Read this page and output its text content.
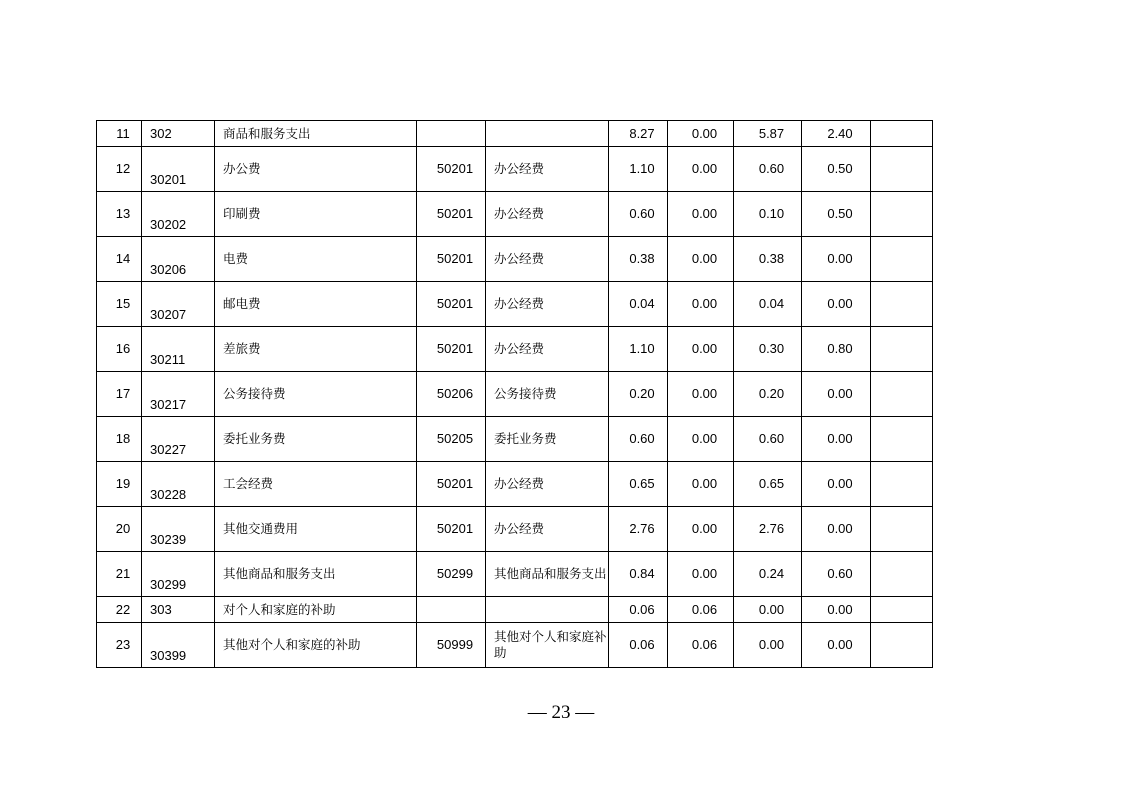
11	302	商品和服务支出			8.27	0.00	5.87	2.40	
12	30201	办公费	50201	办公经费	1.10	0.00	0.60	0.50	
13	30202	印刷费	50201	办公经费	0.60	0.00	0.10	0.50	
14	30206	电费	50201	办公经费	0.38	0.00	0.38	0.00	
15	30207	邮电费	50201	办公经费	0.04	0.00	0.04	0.00	
16	30211	差旅费	50201	办公经费	1.10	0.00	0.30	0.80	
17	30217	公务接待费	50206	公务接待费	0.20	0.00	0.20	0.00	
18	30227	委托业务费	50205	委托业务费	0.60	0.00	0.60	0.00	
19	30228	工会经费	50201	办公经费	0.65	0.00	0.65	0.00	
20	30239	其他交通费用	50201	办公经费	2.76	0.00	2.76	0.00	
21	30299	其他商品和服务支出	50299	其他商品和服务支出	0.84	0.00	0.24	0.60	
22	303	对个人和家庭的补助			0.06	0.06	0.00	0.00	
23	30399	其他对个人和家庭的补助	50999	其他对个人和家庭补助	0.06	0.06	0.00	0.00	
— 23 —
